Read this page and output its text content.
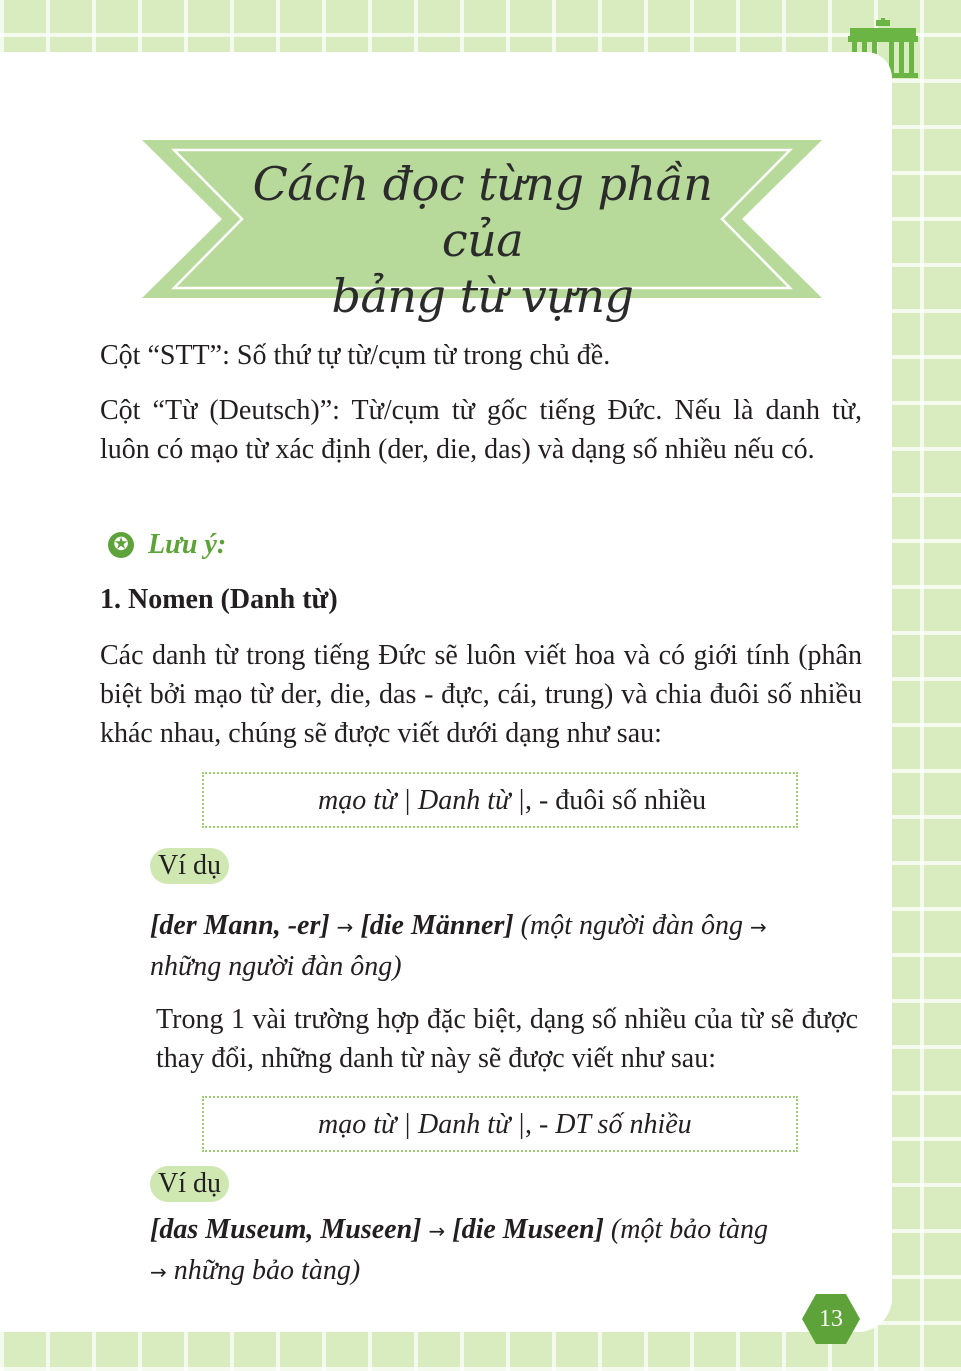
Cách đọc từng phần của
bảng từ vựng

Cột “STT”: Số thứ tự từ/cụm từ trong chủ đề.

Cột “Từ (Deutsch)”: Từ/cụm từ gốc tiếng Đức. Nếu là danh từ, luôn có mạo từ xác định (der, die, das) và dạng số nhiều nếu có.

✪ Lưu ý:

1. Nomen (Danh từ)

Các danh từ trong tiếng Đức sẽ luôn viết hoa và có giới tính (phân biệt bởi mạo từ der, die, das - đực, cái, trung) và chia đuôi số nhiều khác nhau, chúng sẽ được viết dưới dạng như sau:

mạo từ | Danh từ |, - đuôi số nhiều
Ví dụ

[der Mann, -er] → [die Männer] (một người đàn ông →
những người đàn ông)

Trong 1 vài trường hợp đặc biệt, dạng số nhiều của từ sẽ được thay đổi, những danh từ này sẽ được viết như sau:

mạo từ | Danh từ |, - DT số nhiều
Ví dụ

[das Museum, Museen] → [die Museen] (một bảo tàng
→ những bảo tàng)

13
